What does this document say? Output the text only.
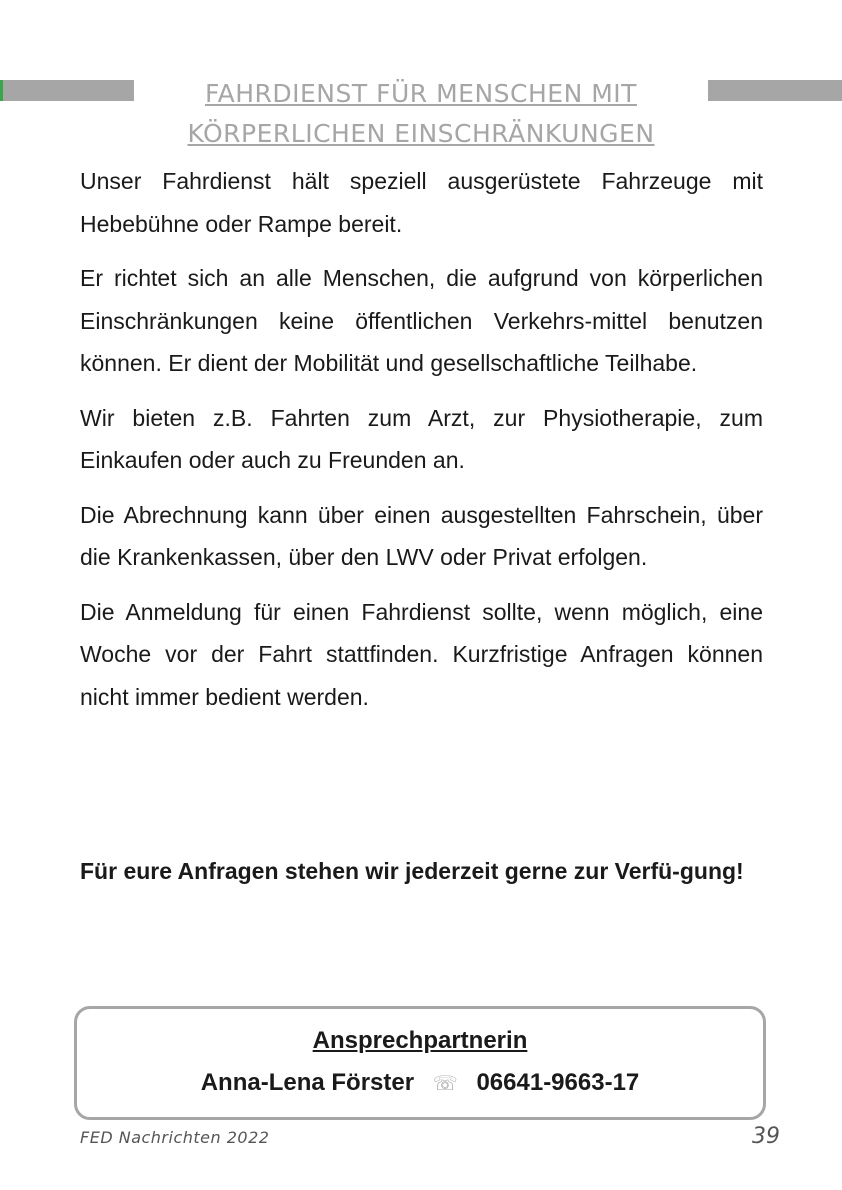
FAHRDIENST FÜR MENSCHEN MIT
KÖRPERLICHEN EINSCHRÄNKUNGEN

Unser Fahrdienst hält speziell ausgerüstete Fahrzeuge mit Hebebühne oder Rampe bereit.

Er richtet sich an alle Menschen, die aufgrund von körperlichen Einschränkungen keine öffentlichen Verkehrs-mittel benutzen können. Er dient der Mobilität und gesellschaftliche Teilhabe.

Wir bieten z.B. Fahrten zum Arzt, zur Physiotherapie, zum Einkaufen oder auch zu Freunden an.

Die Abrechnung kann über einen ausgestellten Fahrschein, über die Krankenkassen, über den LWV oder Privat erfolgen.

Die Anmeldung für einen Fahrdienst sollte, wenn möglich, eine Woche vor der Fahrt stattfinden. Kurzfristige Anfragen können nicht immer bedient werden.

Für eure Anfragen stehen wir jederzeit gerne zur Verfü-gung!

Ansprechpartnerin
Anna-Lena Förster ☏ 06641-9663-17
FED Nachrichten 2022	39
